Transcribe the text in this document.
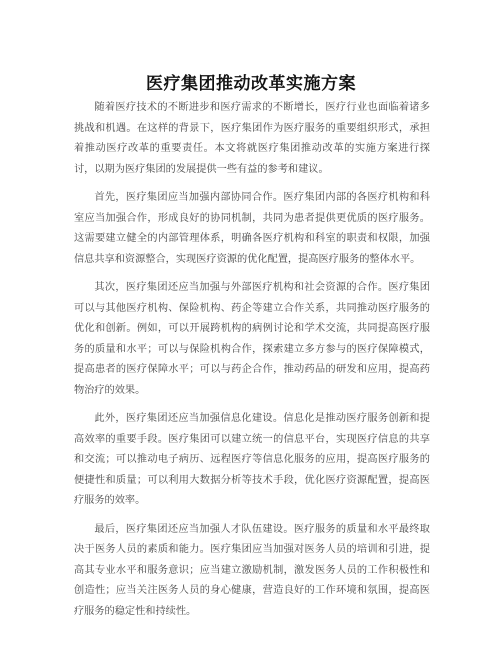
医疗集团推动改革实施方案

随着医疗技术的不断进步和医疗需求的不断增长，医疗行业也面临着诸多挑战和机遇。在这样的背景下，医疗集团作为医疗服务的重要组织形式，承担着推动医疗改革的重要责任。本文将就医疗集团推动改革的实施方案进行探讨，以期为医疗集团的发展提供一些有益的参考和建议。

首先，医疗集团应当加强内部协同合作。医疗集团内部的各医疗机构和科室应当加强合作，形成良好的协同机制，共同为患者提供更优质的医疗服务。这需要建立健全的内部管理体系，明确各医疗机构和科室的职责和权限，加强信息共享和资源整合，实现医疗资源的优化配置，提高医疗服务的整体水平。

其次，医疗集团还应当加强与外部医疗机构和社会资源的合作。医疗集团可以与其他医疗机构、保险机构、药企等建立合作关系，共同推动医疗服务的优化和创新。例如，可以开展跨机构的病例讨论和学术交流，共同提高医疗服务的质量和水平；可以与保险机构合作，探索建立多方参与的医疗保障模式，提高患者的医疗保障水平；可以与药企合作，推动药品的研发和应用，提高药物治疗的效果。

此外，医疗集团还应当加强信息化建设。信息化是推动医疗服务创新和提高效率的重要手段。医疗集团可以建立统一的信息平台，实现医疗信息的共享和交流；可以推动电子病历、远程医疗等信息化服务的应用，提高医疗服务的便捷性和质量；可以利用大数据分析等技术手段，优化医疗资源配置，提高医疗服务的效率。

最后，医疗集团还应当加强人才队伍建设。医疗服务的质量和水平最终取决于医务人员的素质和能力。医疗集团应当加强对医务人员的培训和引进，提高其专业水平和服务意识；应当建立激励机制，激发医务人员的工作积极性和创造性；应当关注医务人员的身心健康，营造良好的工作环境和氛围，提高医疗服务的稳定性和持续性。
